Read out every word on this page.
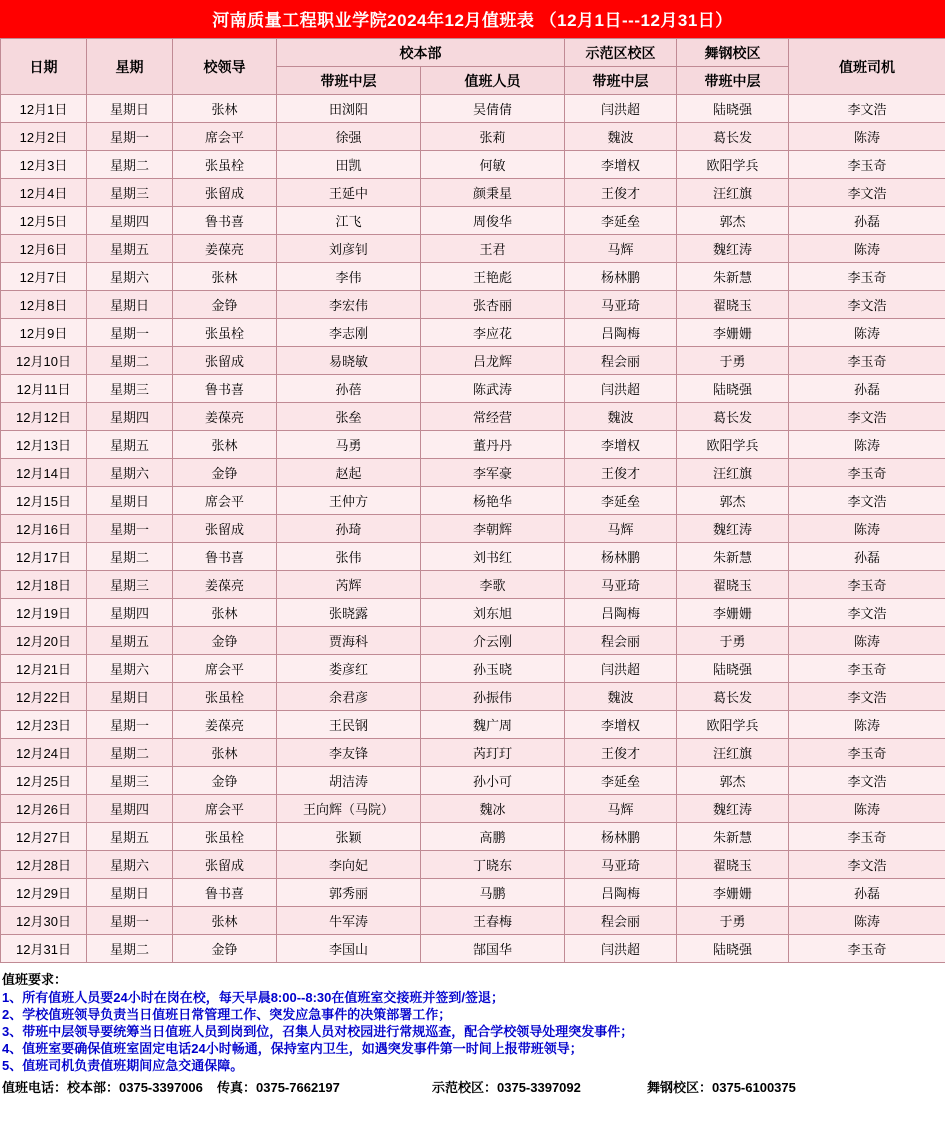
河南质量工程职业学院2024年12月值班表 （12月1日---12月31日）
日期	星期	校领导	校本部		示范区校区	舞钢校区	值班司机
			带班中层	值班人员	带班中层	带班中层	
12月1日	星期日	张林	田浏阳	吴倩倩	闫洪超	陆晓强	李文浩
12月2日	星期一	席会平	徐强	张莉	魏波	葛长发	陈涛
12月3日	星期二	张虽栓	田凯	何敏	李增权	欧阳学兵	李玉奇
12月4日	星期三	张留成	王延中	颜秉星	王俊才	汪红旗	李文浩
12月5日	星期四	鲁书喜	江飞	周俊华	李延垒	郭杰	孙磊
12月6日	星期五	姜葆亮	刘彦钊	王君	马辉	魏红涛	陈涛
12月7日	星期六	张林	李伟	王艳彪	杨林鹏	朱新慧	李玉奇
12月8日	星期日	金铮	李宏伟	张杏丽	马亚琦	翟晓玉	李文浩
12月9日	星期一	张虽栓	李志刚	李应花	吕陶梅	李姗姗	陈涛
12月10日	星期二	张留成	易晓敏	吕龙辉	程会丽	于勇	李玉奇
12月11日	星期三	鲁书喜	孙蓓	陈武涛	闫洪超	陆晓强	孙磊
12月12日	星期四	姜葆亮	张垒	常经营	魏波	葛长发	李文浩
12月13日	星期五	张林	马勇	董丹丹	李增权	欧阳学兵	陈涛
12月14日	星期六	金铮	赵起	李军豪	王俊才	汪红旗	李玉奇
12月15日	星期日	席会平	王仲方	杨艳华	李延垒	郭杰	李文浩
12月16日	星期一	张留成	孙琦	李朝辉	马辉	魏红涛	陈涛
12月17日	星期二	鲁书喜	张伟	刘书红	杨林鹏	朱新慧	孙磊
12月18日	星期三	姜葆亮	芮辉	李歌	马亚琦	翟晓玉	李玉奇
12月19日	星期四	张林	张晓露	刘东旭	吕陶梅	李姗姗	李文浩
12月20日	星期五	金铮	贾海科	介云刚	程会丽	于勇	陈涛
12月21日	星期六	席会平	娄彦红	孙玉晓	闫洪超	陆晓强	李玉奇
12月22日	星期日	张虽栓	余君彦	孙振伟	魏波	葛长发	李文浩
12月23日	星期一	姜葆亮	王民钢	魏广周	李增权	欧阳学兵	陈涛
12月24日	星期二	张林	李友锋	芮玎玎	王俊才	汪红旗	李玉奇
12月25日	星期三	金铮	胡洁涛	孙小可	李延垒	郭杰	李文浩
12月26日	星期四	席会平	王向辉（马院）	魏冰	马辉	魏红涛	陈涛
12月27日	星期五	张虽栓	张颖	高鹏	杨林鹏	朱新慧	李玉奇
12月28日	星期六	张留成	李向妃	丁晓东	马亚琦	翟晓玉	李文浩
12月29日	星期日	鲁书喜	郭秀丽	马鹏	吕陶梅	李姗姗	孙磊
12月30日	星期一	张林	牛军涛	王春梅	程会丽	于勇	陈涛
12月31日	星期二	金铮	李国山	郜国华	闫洪超	陆晓强	李玉奇
值班要求：
1、所有值班人员要24小时在岗在校，每天早晨8:00--8:30在值班室交接班并签到/签退；
2、学校值班领导负责当日值班日常管理工作、突发应急事件的决策部署工作；
3、带班中层领导要统筹当日值班人员到岗到位，召集人员对校园进行常规巡查，配合学校领导处理突发事件；
4、值班室要确保值班室固定电话24小时畅通，保持室内卫生，如遇突发事件第一时间上报带班领导；
5、值班司机负责值班期间应急交通保障。
值班电话：校本部：0375-3397006	传真：0375-7662197	示范校区：0375-3397092	舞钢校区：0375-6100375
